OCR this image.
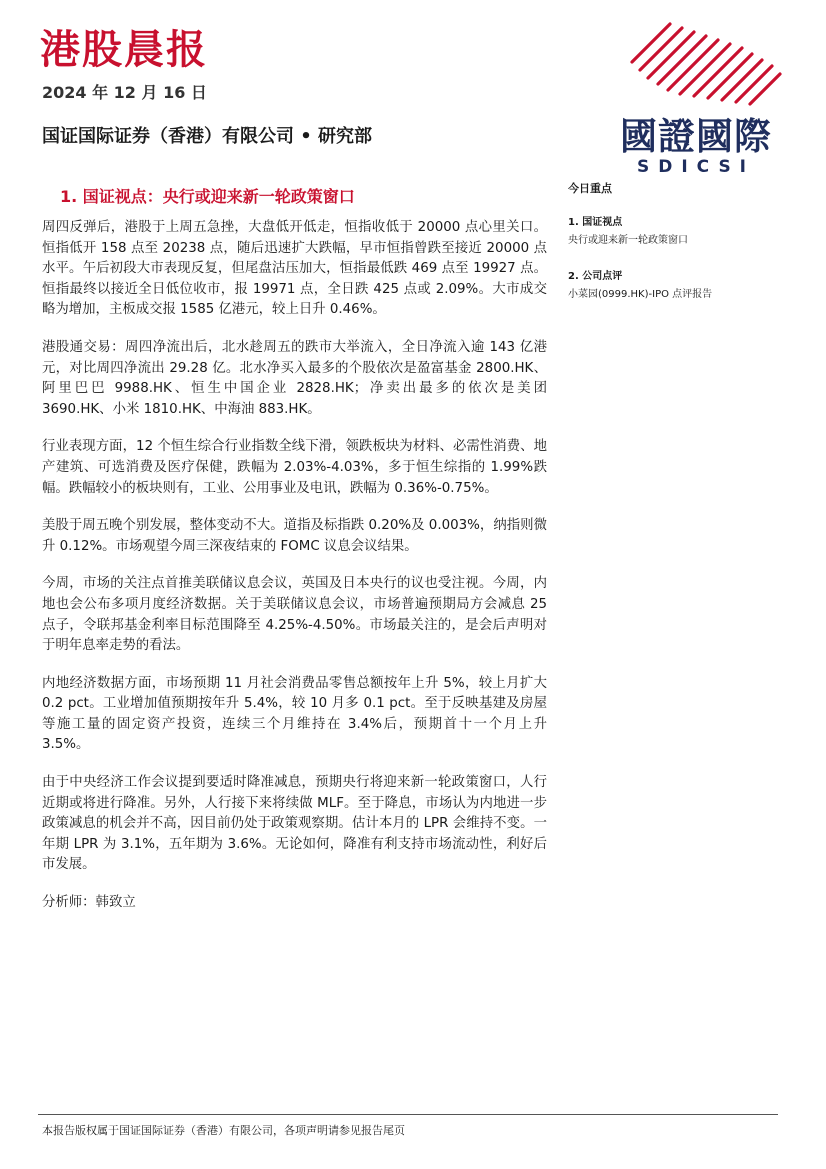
港股晨报
2024 年 12 月 16 日
国证国际证券（香港）有限公司 • 研究部	國證國際
SDICSI
1. 国证视点：央行或迎来新一轮政策窗口

周四反弹后，港股于上周五急挫，大盘低开低走，恒指收低于 20000 点心里关口。恒指低开 158 点至 20238 点，随后迅速扩大跌幅，早市恒指曾跌至接近 20000 点水平。午后初段大市表现反复，但尾盘沽压加大，恒指最低跌 469 点至 19927 点。恒指最终以接近全日低位收市，报 19971 点，全日跌 425 点或 2.09%。大市成交略为增加，主板成交报 1585 亿港元，较上日升 0.46%。

港股通交易：周四净流出后，北水趁周五的跌市大举流入，全日净流入逾 143 亿港元，对比周四净流出 29.28 亿。北水净买入最多的个股依次是盈富基金 2800.HK、阿里巴巴 9988.HK、恒生中国企业 2828.HK；净卖出最多的依次是美团 3690.HK、小米 1810.HK、中海油 883.HK。

行业表现方面，12 个恒生综合行业指数全线下滑，领跌板块为材料、必需性消费、地产建筑、可选消费及医疗保健，跌幅为 2.03%-4.03%，多于恒生综指的 1.99%跌幅。跌幅较小的板块则有，工业、公用事业及电讯，跌幅为 0.36%-0.75%。

美股于周五晚个别发展，整体变动不大。道指及标指跌 0.20%及 0.003%，纳指则微升 0.12%。市场观望今周三深夜结束的 FOMC 议息会议结果。

今周，市场的关注点首推美联储议息会议，英国及日本央行的议也受注视。今周，内地也会公布多项月度经济数据。关于美联储议息会议，市场普遍预期局方会减息 25 点子，令联邦基金利率目标范围降至 4.25%-4.50%。市场最关注的，是会后声明对于明年息率走势的看法。

内地经济数据方面，市场预期 11 月社会消费品零售总额按年上升 5%，较上月扩大 0.2 pct。工业增加值预期按年升 5.4%，较 10 月多 0.1 pct。至于反映基建及房屋等施工量的固定资产投资，连续三个月维持在 3.4%后，预期首十一个月上升 3.5%。

由于中央经济工作会议提到要适时降准减息，预期央行将迎来新一轮政策窗口，人行近期或将进行降准。另外，人行接下来将续做 MLF。至于降息，市场认为内地进一步政策减息的机会并不高，因目前仍处于政策观察期。估计本月的 LPR 会维持不变。一年期 LPR 为 3.1%，五年期为 3.6%。无论如何，降准有利支持市场流动性，利好后市发展。

分析师：韩致立

今日重点
1. 国证视点
央行或迎来新一轮政策窗口
2. 公司点评
小菜园(0999.HK)-IPO 点评报告
本报告版权属于国证国际证券（香港）有限公司，各项声明请参见报告尾页
